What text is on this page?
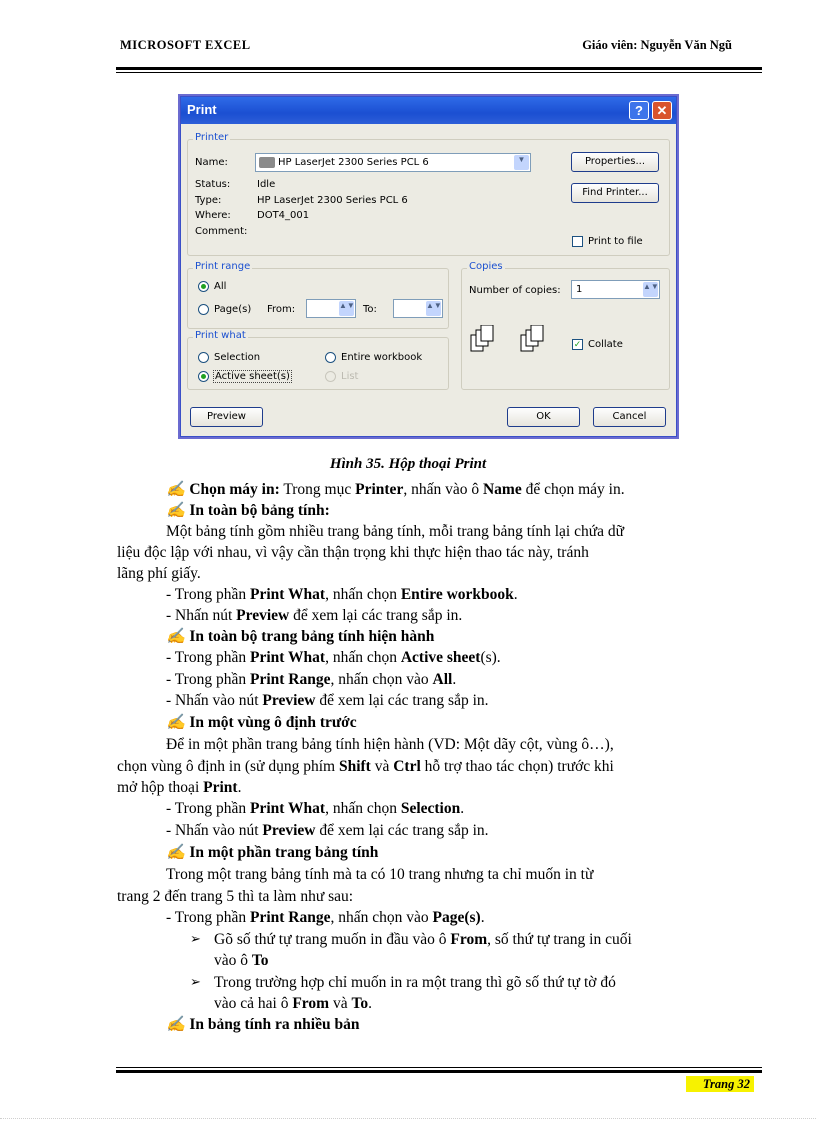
MICROSOFT EXCEL	Giáo viên: Nguyễn Văn Ngũ
Print	?	✕
Printer
Name:	HP LaserJet 2300 Series PCL 6	▼
Status:	Idle
Type:	HP LaserJet 2300 Series PCL 6
Where:	DOT4_001
Comment:
Properties...
Find Printer...
Print to file
Print range
All
Page(s) From:	▲▼ To:	▲▼
Print what
Selection	Entire workbook
Active sheet(s)	List
Copies
Number of copies: 1	▲▼
✓ Collate
Preview	OK	Cancel
Hình 35. Hộp thoại Print
✍ Chọn máy in: Trong mục Printer, nhấn vào ô Name để chọn máy in.
✍ In toàn bộ bảng tính:
Một bảng tính gồm nhiều trang bảng tính, mỗi trang bảng tính lại chứa dữ
liệu độc lập với nhau, vì vậy cần thận trọng khi thực hiện thao tác này, tránh
lãng phí giấy.
- Trong phần Print What, nhấn chọn Entire workbook.
- Nhấn nút Preview để xem lại các trang sắp in.
✍ In toàn bộ trang bảng tính hiện hành
- Trong phần Print What, nhấn chọn Active sheet(s).
- Trong phần Print Range, nhấn chọn vào All.
- Nhấn vào nút Preview để xem lại các trang sắp in.
✍ In một vùng ô định trước
Để in một phần trang bảng tính hiện hành (VD: Một dãy cột, vùng ô…),
chọn vùng ô định in (sử dụng phím Shift và Ctrl hỗ trợ thao tác chọn) trước khi
mở hộp thoại Print.
- Trong phần Print What, nhấn chọn Selection.
- Nhấn vào nút Preview để xem lại các trang sắp in.
✍ In một phần trang bảng tính
Trong một trang bảng tính mà ta có 10 trang nhưng ta chỉ muốn in từ
trang 2 đến trang 5 thì ta làm như sau:
- Trong phần Print Range, nhấn chọn vào Page(s).
➢ Gõ số thứ tự trang muốn in đầu vào ô From, số thứ tự trang in cuối
vào ô To
➢ Trong trường hợp chỉ muốn in ra một trang thì gõ số thứ tự tờ đó
vào cả hai ô From và To.
✍ In bảng tính ra nhiều bản
Trang 32
